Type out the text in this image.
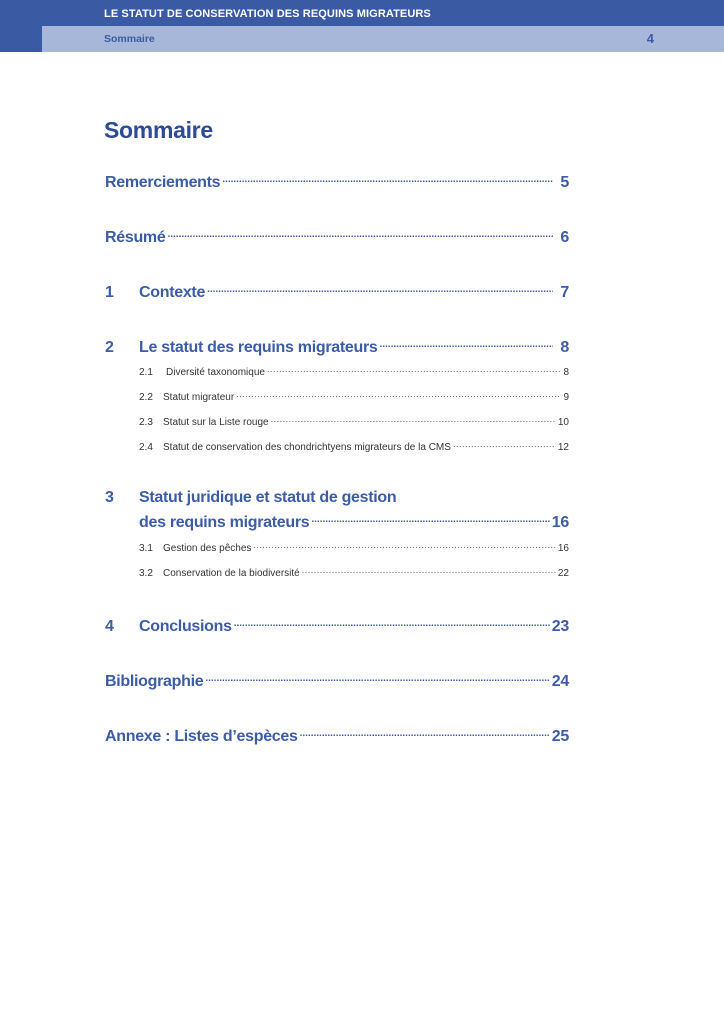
LE STATUT DE CONSERVATION DES REQUINS MIGRATEURS
Sommaire	4
Sommaire
Remerciements .....	5
Résumé .....	6
1	Contexte .....	7
2	Le statut des requins migrateurs .....	8
2.1	Diversité taxonomique .....	8
2.2	Statut migrateur .....	9
2.3	Statut sur la Liste rouge .....	10
2.4	Statut de conservation des chondrichtyens migrateurs de la CMS .....	12
3	Statut juridique et statut de gestion
des requins migrateurs .....	16
3.1	Gestion des pêches .....	16
3.2	Conservation de la biodiversité .....	22
4	Conclusions .....	23
Bibliographie .....	24
Annexe : Listes d’espèces .....	25
